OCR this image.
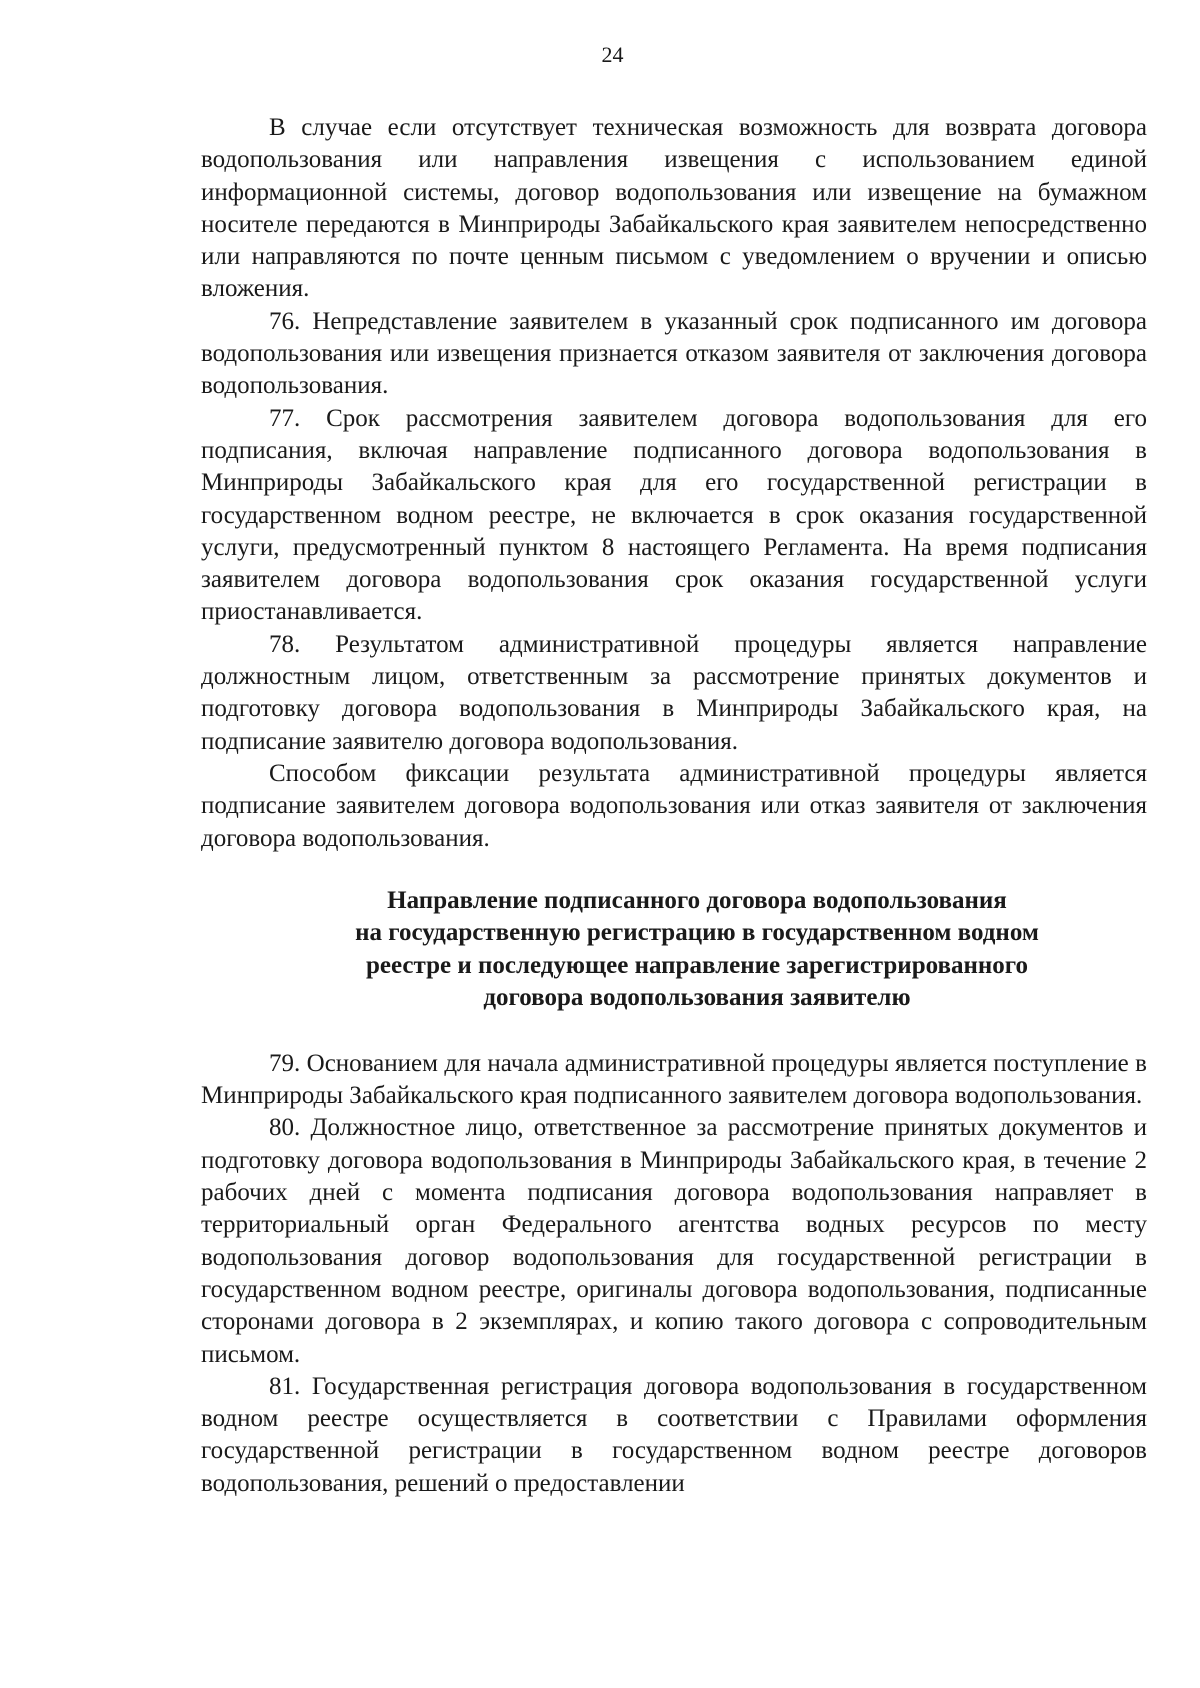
24

В случае если отсутствует техническая возможность для возврата договора водопользования или направления извещения с использованием единой информационной системы, договор водопользования или извещение на бумажном носителе передаются в Минприроды Забайкальского края заявителем непосредственно или направляются по почте ценным письмом с уведомлением о вручении и описью вложения.

76. Непредставление заявителем в указанный срок подписанного им договора водопользования или извещения признается отказом заявителя от заключения договора водопользования.

77. Срок рассмотрения заявителем договора водопользования для его подписания, включая направление подписанного договора водопользования в Минприроды Забайкальского края для его государственной регистрации в государственном водном реестре, не включается в срок оказания государственной услуги, предусмотренный пунктом 8 настоящего Регламента. На время подписания заявителем договора водопользования срок оказания государственной услуги приостанавливается.

78. Результатом административной процедуры является направление должностным лицом, ответственным за рассмотрение принятых документов и подготовку договора водопользования в Минприроды Забайкальского края, на подписание заявителю договора водопользования.

Способом фиксации результата административной процедуры является подписание заявителем договора водопользования или отказ заявителя от заключения договора водопользования.

Направление подписанного договора водопользования
на государственную регистрацию в государственном водном
реестре и последующее направление зарегистрированного
договора водопользования заявителю

79. Основанием для начала административной процедуры является поступление в Минприроды Забайкальского края подписанного заявителем договора водопользования.

80. Должностное лицо, ответственное за рассмотрение принятых документов и подготовку договора водопользования в Минприроды Забайкальского края, в течение 2 рабочих дней с момента подписания договора водопользования направляет в территориальный орган Федерального агентства водных ресурсов по месту водопользования договор водопользования для государственной регистрации в государственном водном реестре, оригиналы договора водопользования, подписанные сторонами договора в 2 экземплярах, и копию такого договора с сопроводительным письмом.

81. Государственная регистрация договора водопользования в государственном водном реестре осуществляется в соответствии с Правилами оформления государственной регистрации в государственном водном реестре договоров водопользования, решений о предоставлении
